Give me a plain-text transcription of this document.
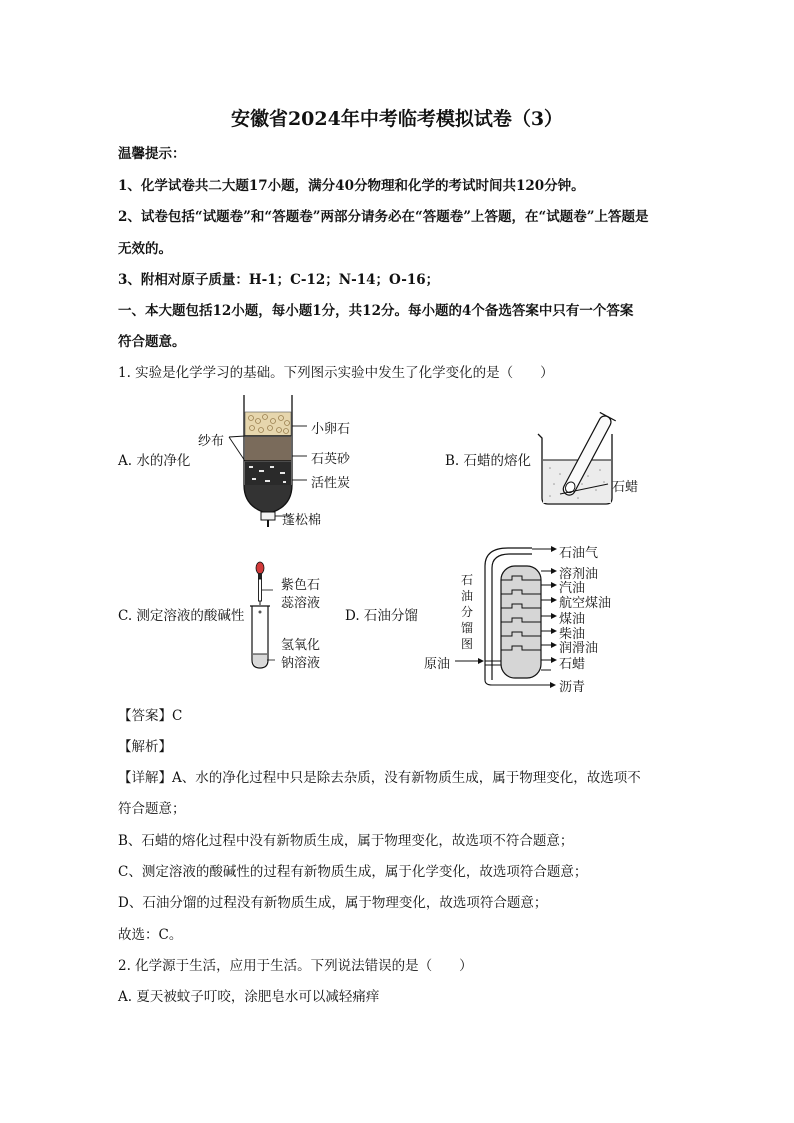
安徽省2024年中考临考模拟试卷（3）
温馨提示：
1、化学试卷共二大题17小题，满分40分物理和化学的考试时间共120分钟。
2、试卷包括“试题卷”和“答题卷”两部分请务必在“答题卷”上答题，在“试题卷”上答题是
无效的。
3、附相对原子质量：H-1；C-12；N-14；O-16；
一、本大题包括12小题，每小题1分，共12分。每小题的4个备选答案中只有一个答案
符合题意。
1. 实验是化学学习的基础。下列图示实验中发生了化学变化的是（　　）
A. 水的净化	B. 石蜡的熔化
C. 测定溶液的酸碱性	D. 石油分馏
小卵石
纱布
石英砂
活性炭
蓬松棉
石蜡
紫色石
蕊溶液
氢氧化
钠溶液
石
油
分
馏
图
原油
石油气
溶剂油
汽油
航空煤油
煤油
柴油
润滑油
石蜡
沥青
【答案】C
【解析】
【详解】A、水的净化过程中只是除去杂质，没有新物质生成，属于物理变化，故选项不
符合题意；
B、石蜡的熔化过程中没有新物质生成，属于物理变化，故选项不符合题意；
C、测定溶液的酸碱性的过程有新物质生成，属于化学变化，故选项符合题意；
D、石油分馏的过程没有新物质生成，属于物理变化，故选项符合题意；
故选：C。
2. 化学源于生活，应用于生活。下列说法错误的是（　　）
A. 夏天被蚊子叮咬，涂肥皂水可以减轻痛痒
